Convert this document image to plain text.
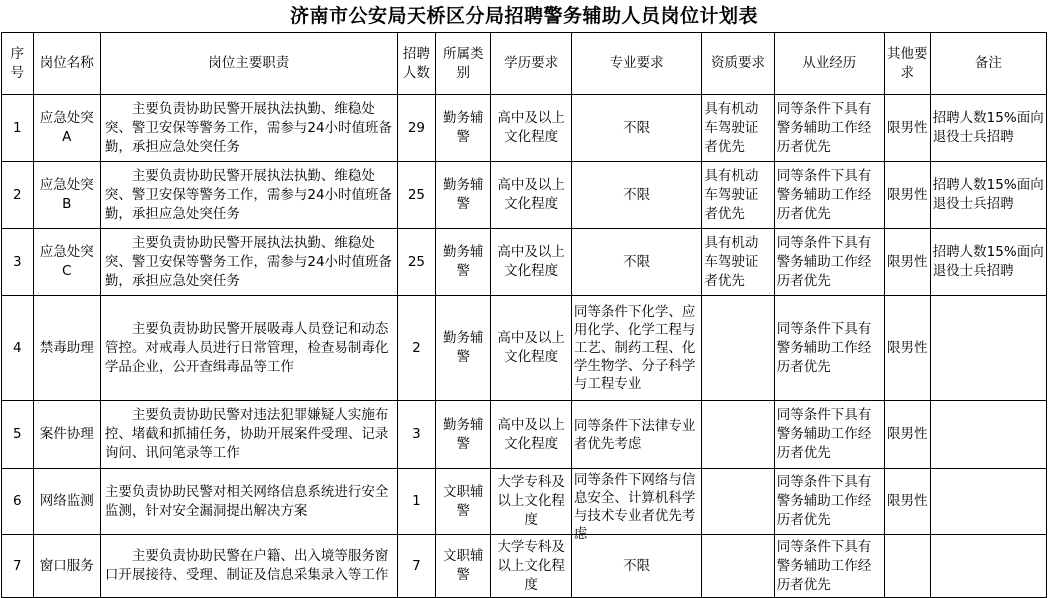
济南市公安局天桥区分局招聘警务辅助人员岗位计划表
序号	岗位名称	岗位主要职责	招聘人数	所属类别	学历要求	专业要求	资质要求	从业经历	其他要求	备注
1	应急处突A	主要负责协助民警开展执法执勤、维稳处突、警卫安保等警务工作，需参与24小时值班备勤，承担应急处突任务	29	勤务辅警	高中及以上文化程度	不限	具有机动车驾驶证者优先	同等条件下具有警务辅助工作经历者优先	限男性	招聘人数15%面向退役士兵招聘
2	应急处突B	主要负责协助民警开展执法执勤、维稳处突、警卫安保等警务工作，需参与24小时值班备勤，承担应急处突任务	25	勤务辅警	高中及以上文化程度	不限	具有机动车驾驶证者优先	同等条件下具有警务辅助工作经历者优先	限男性	招聘人数15%面向退役士兵招聘
3	应急处突C	主要负责协助民警开展执法执勤、维稳处突、警卫安保等警务工作，需参与24小时值班备勤，承担应急处突任务	25	勤务辅警	高中及以上文化程度	不限	具有机动车驾驶证者优先	同等条件下具有警务辅助工作经历者优先	限男性	招聘人数15%面向退役士兵招聘
4	禁毒助理	主要负责协助民警开展吸毒人员登记和动态管控。对戒毒人员进行日常管理，检查易制毒化学品企业，公开查缉毒品等工作	2	勤务辅警	高中及以上文化程度	同等条件下化学、应用化学、化学工程与工艺、制药工程、化学生物学、分子科学与工程专业		同等条件下具有警务辅助工作经历者优先	限男性	
5	案件协理	主要负责协助民警对违法犯罪嫌疑人实施布控、堵截和抓捕任务，协助开展案件受理、记录询问、讯问笔录等工作	3	勤务辅警	高中及以上文化程度	同等条件下法律专业者优先考虑		同等条件下具有警务辅助工作经历者优先	限男性	
6	网络监测	主要负责协助民警对相关网络信息系统进行安全监测，针对安全漏洞提出解决方案	1	文职辅警	大学专科及以上文化程度	同等条件下网络与信息安全、计算机科学与技术专业者优先考虑		同等条件下具有警务辅助工作经历者优先	限男性	
7	窗口服务	主要负责协助民警在户籍、出入境等服务窗口开展接待、受理、制证及信息采集录入等工作	7	文职辅警	大学专科及以上文化程度	不限		同等条件下具有警务辅助工作经历者优先		
